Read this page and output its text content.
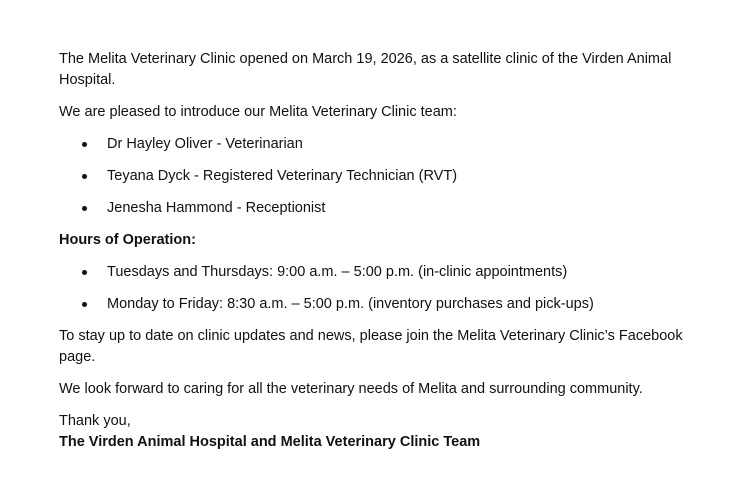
The Melita Veterinary Clinic opened on March 19, 2026, as a satellite clinic of the Virden Animal Hospital.

We are pleased to introduce our Melita Veterinary Clinic team:

Dr Hayley Oliver - Veterinarian
Teyana Dyck - Registered Veterinary Technician (RVT)
Jenesha Hammond - Receptionist

Hours of Operation:

Tuesdays and Thursdays: 9:00 a.m. – 5:00 p.m. (in-clinic appointments)
Monday to Friday: 8:30 a.m. – 5:00 p.m. (inventory purchases and pick-ups)

To stay up to date on clinic updates and news, please join the Melita Veterinary Clinic’s Facebook page.

We look forward to caring for all the veterinary needs of Melita and surrounding community.

Thank you,

The Virden Animal Hospital and Melita Veterinary Clinic Team
